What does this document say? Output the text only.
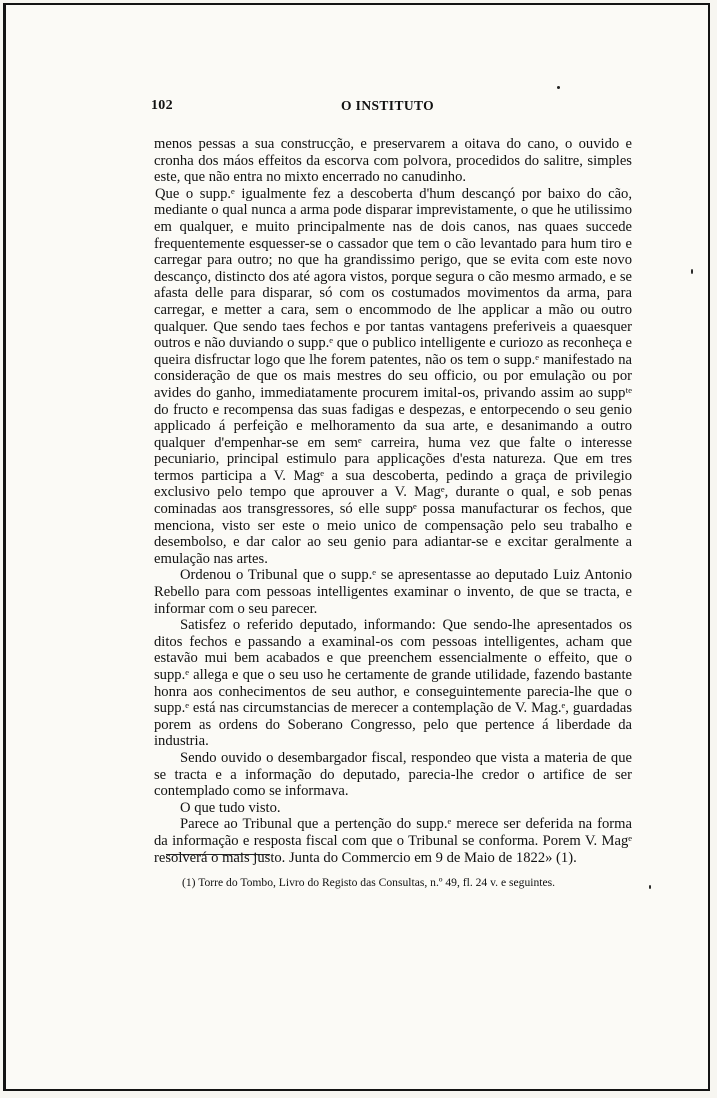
102	O INSTITUTO

menos pessas a sua construcção, e preservarem a oitava do cano, o ouvido e cronha dos máos effeitos da escorva com polvora, procedidos do salitre, simples este, que não entra no mixto encerrado no canudinho.

Que o supp.ᵉ igualmente fez a descoberta d'hum descançó por baixo do cão, mediante o qual nunca a arma pode disparar imprevistamente, o que he utilissimo em qualquer, e muito principalmente nas de dois canos, nas quaes succede frequentemente esquesser-se o cassador que tem o cão levantado para hum tiro e carregar para outro; no que ha grandissimo perigo, que se evita com este novo descanço, distincto dos até agora vistos, porque segura o cão mesmo armado, e se afasta delle para disparar, só com os costumados movimentos da arma, para carregar, e metter a cara, sem o encommodo de lhe applicar a mão ou outro qualquer. Que sendo taes fechos e por tantas vantagens preferiveis a quaesquer outros e não duviando o supp.ᵉ que o publico intelligente e curiozo as reconheça e queira disfructar logo que lhe forem patentes, não os tem o supp.ᵉ manifestado na consideração de que os mais mestres do seu officio, ou por emulação ou por avides do ganho, immediatamente procurem imital-os, privando assim ao suppᵗᵉ do fructo e recompensa das suas fadigas e despezas, e entorpecendo o seu genio applicado á perfeição e melhoramento da sua arte, e desanimando a outro qualquer d'empenhar-se em semᵉ carreira, huma vez que falte o interesse pecuniario, principal estimulo para applicações d'esta natureza. Que em tres termos participa a V. Magᵉ a sua descoberta, pedindo a graça de privilegio exclusivo pelo tempo que aprouver a V. Magᵉ, durante o qual, e sob penas cominadas aos transgressores, só elle suppᵉ possa manufacturar os fechos, que menciona, visto ser este o meio unico de compensação pelo seu trabalho e desembolso, e dar calor ao seu genio para adiantar-se e excitar geralmente a emulação nas artes.

Ordenou o Tribunal que o supp.ᵉ se apresentasse ao deputado Luiz Antonio Rebello para com pessoas intelligentes examinar o invento, de que se tracta, e informar com o seu parecer.

Satisfez o referido deputado, informando: Que sendo-lhe apresentados os ditos fechos e passando a examinal-os com pessoas intelligentes, acham que estavão mui bem acabados e que preenchem essencialmente o effeito, que o supp.ᵉ allega e que o seu uso he certamente de grande utilidade, fazendo bastante honra aos conhecimentos de seu author, e conseguintemente parecia-lhe que o supp.ᵉ está nas circumstancias de merecer a contemplação de V. Mag.ᵉ, guardadas porem as ordens do Soberano Congresso, pelo que pertence á liberdade da industria.

Sendo ouvido o desembargador fiscal, respondeo que vista a materia de que se tracta e a informação do deputado, parecia-lhe credor o artifice de ser contemplado como se informava.

O que tudo visto.

Parece ao Tribunal que a pertenção do supp.ᵉ merece ser deferida na forma da informação e resposta fiscal com que o Tribunal se conforma. Porem V. Magᵉ resolverá o mais justo. Junta do Commercio em 9 de Maio de 1822» (1).

(1) Torre do Tombo, Livro do Registo das Consultas, n.º 49, fl. 24 v. e seguintes.
